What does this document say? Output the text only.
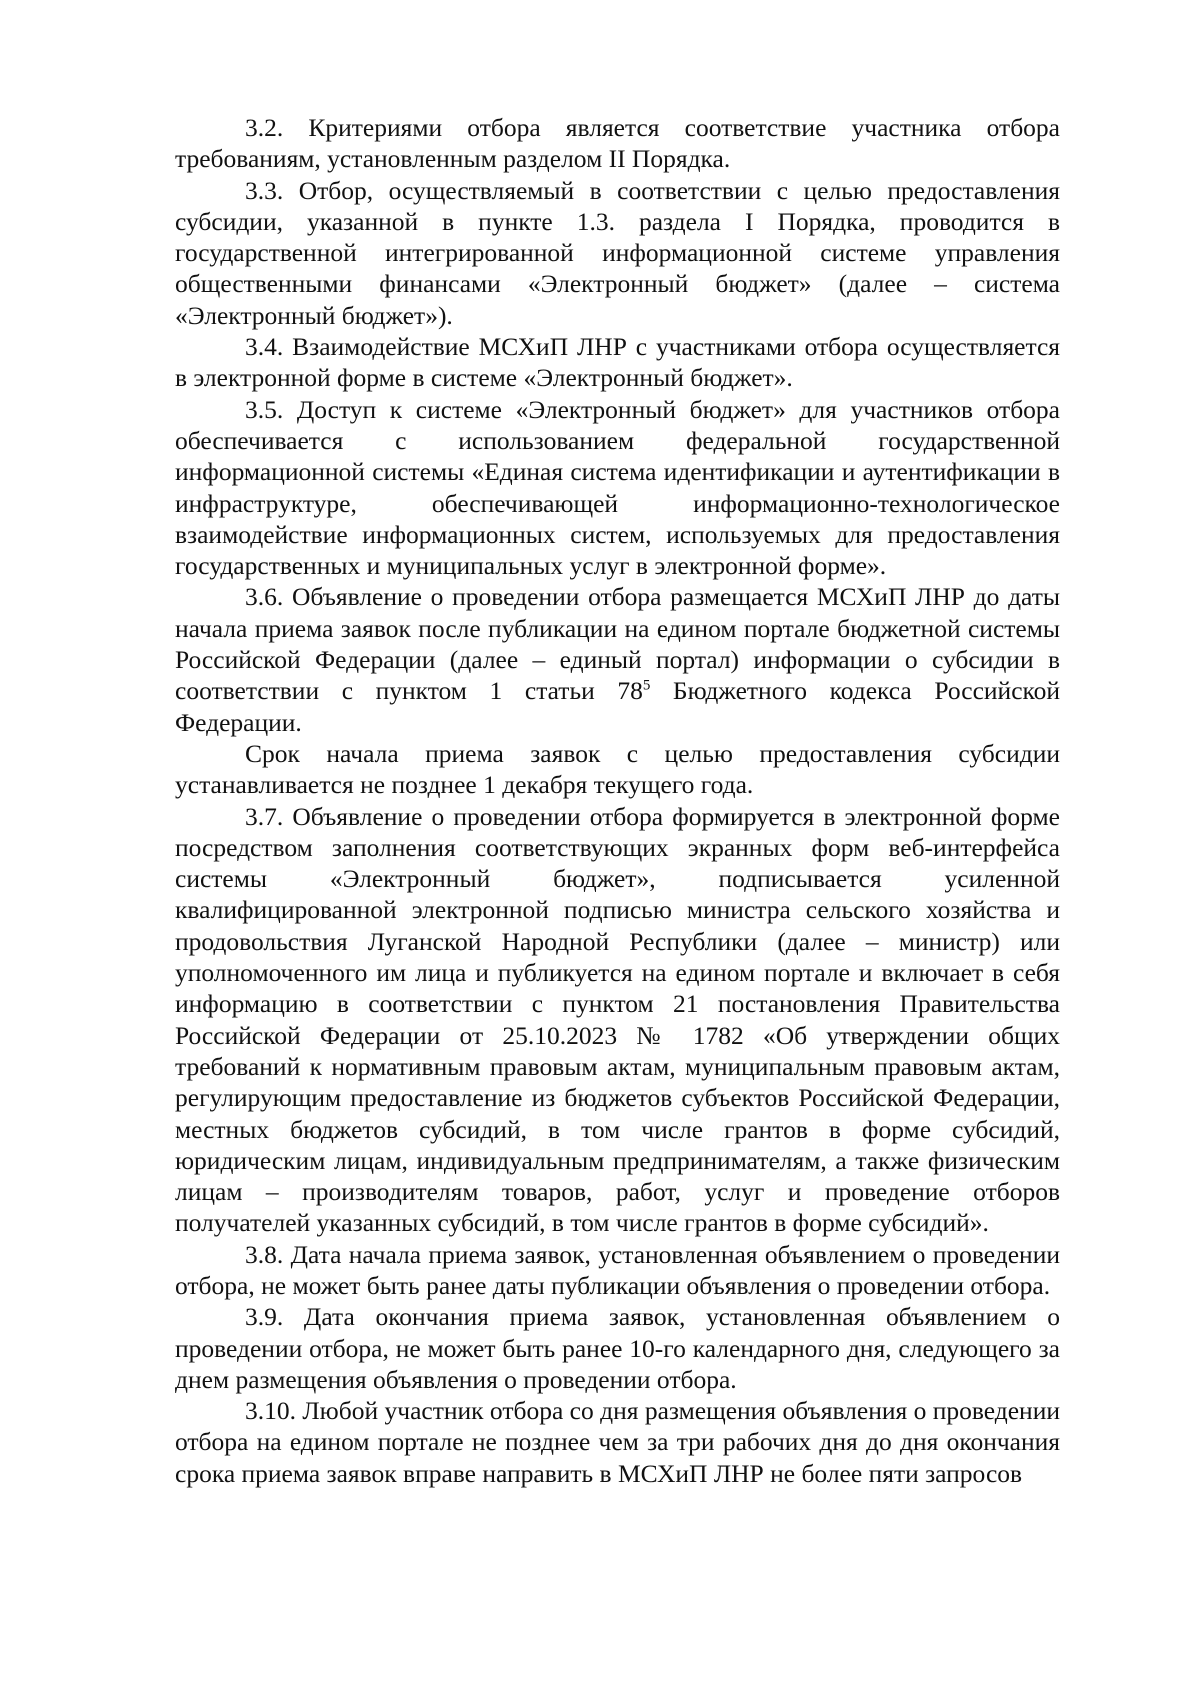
3.2. Критериями отбора является соответствие участника отбора требованиям, установленным разделом II Порядка.

3.3. Отбор, осуществляемый в соответствии с целью предоставления субсидии, указанной в пункте 1.3. раздела I Порядка, проводится в государственной интегрированной информационной системе управления общественными финансами «Электронный бюджет» (далее – система «Электронный бюджет»).

3.4. Взаимодействие МСХиП ЛНР с участниками отбора осуществляется в электронной форме в системе «Электронный бюджет».

3.5. Доступ к системе «Электронный бюджет» для участников отбора обеспечивается с использованием федеральной государственной информационной системы «Единая система идентификации и аутентификации в инфраструктуре, обеспечивающей информационно-технологическое взаимодействие информационных систем, используемых для предоставления государственных и муниципальных услуг в электронной форме».

3.6. Объявление о проведении отбора размещается МСХиП ЛНР до даты начала приема заявок после публикации на едином портале бюджетной системы Российской Федерации (далее – единый портал) информации о субсидии в соответствии с пунктом 1 статьи $78^5$ Бюджетного кодекса Российской Федерации.

Срок начала приема заявок с целью предоставления субсидии устанавливается не позднее 1 декабря текущего года.

3.7. Объявление о проведении отбора формируется в электронной форме посредством заполнения соответствующих экранных форм веб-интерфейса системы «Электронный бюджет», подписывается усиленной квалифицированной электронной подписью министра сельского хозяйства и продовольствия Луганской Народной Республики (далее – министр) или уполномоченного им лица и публикуется на едином портале и включает в себя информацию в соответствии с пунктом 21 постановления Правительства Российской Федерации от 25.10.2023 № 1782 «Об утверждении общих требований к нормативным правовым актам, муниципальным правовым актам, регулирующим предоставление из бюджетов субъектов Российской Федерации, местных бюджетов субсидий, в том числе грантов в форме субсидий, юридическим лицам, индивидуальным предпринимателям, а также физическим лицам – производителям товаров, работ, услуг и проведение отборов получателей указанных субсидий, в том числе грантов в форме субсидий».

3.8. Дата начала приема заявок, установленная объявлением о проведении отбора, не может быть ранее даты публикации объявления о проведении отбора.

3.9. Дата окончания приема заявок, установленная объявлением о проведении отбора, не может быть ранее 10-го календарного дня, следующего за днем размещения объявления о проведении отбора.

3.10. Любой участник отбора со дня размещения объявления о проведении отбора на едином портале не позднее чем за три рабочих дня до дня окончания срока приема заявок вправе направить в МСХиП ЛНР не более пяти запросов
